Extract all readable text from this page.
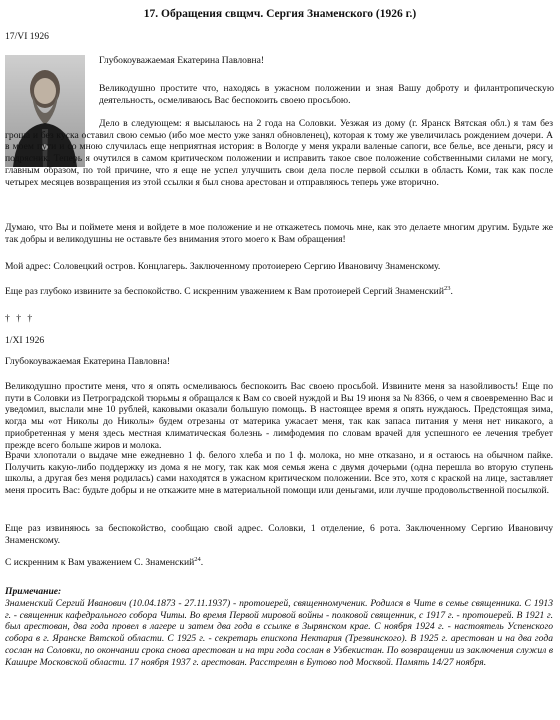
17. Обращения свщмч. Сергия Знаменского (1926 г.)

17/VI 1926

Глубокоуважаемая Екатерина Павловна!

Великодушно простите что, находясь в ужасном положении и зная Вашу доброту и филантропическую деятельность, осмеливаюсь Вас беспокоить своею просьбою.

Дело в следующем: я высылаюсь на 2 года на Соловки. Уезжая из дому (г. Яранск Вятская обл.) я там без гроша и без куска оставил свою семью (ибо мое место уже занял обновленец), которая к тому же увеличилась рождением дочери. А в моем пути и со мною случилась еще неприятная история: в Вологде у меня украли валеные сапоги, все белье, все деньги, рясу и подрясник. Теперь я очутился в самом критическом положении и исправить такое свое положение собственными силами не могу, главным образом, по той причине, что я еще не успел улучшить свои дела после первой ссылки в область Коми, так как после четырех месяцев возвращения из этой ссылки я был снова арестован и отправляюсь теперь уже вторично.

Думаю, что Вы и поймете меня и войдете в мое положение и не откажетесь помочь мне, как это делаете многим другим. Будьте же так добры и великодушны не оставьте без внимания этого моего к Вам обращения!

Мой адрес: Соловецкий остров. Концлагерь. Заключенному протоиерею Сергию Ивановичу Знаменскому.

Еще раз глубоко извините за беспокойство. С искренним уважением к Вам протоиерей Сергий Знаменский$^{23}$.

† † †

1/XI 1926

Глубокоуважаемая Екатерина Павловна!

Великодушно простите меня, что я опять осмеливаюсь беспокоить Вас своею просьбой. Извините меня за назойливость! Еще по пути в Соловки из Петроградской тюрьмы я обращался к Вам со своей нуждой и Вы 19 июня за № 8366, о чем я своевременно Вас и уведомил, выслали мне 10 рублей, каковыми оказали большую помощь. В настоящее время я опять нуждаюсь. Предстоящая зима, когда мы «от Николы до Николы» будем отрезаны от материка ужасает меня, так как запаса питания у меня нет никакого, а приобретенная у меня здесь местная климатическая болезнь - лимфодемия по словам врачей для успешного ее лечения требует прежде всего больше жиров и молока.

Врачи хлопотали о выдаче мне ежедневно 1 ф. белого хлеба и по 1 ф. молока, но мне отказано, и я остаюсь на обычном пайке. Получить какую-либо поддержку из дома я не могу, так как моя семья жена с двумя дочерьми (одна перешла во вторую ступень школы, а другая без меня родилась) сами находятся в ужасном критическом положении. Все это, хотя с краской на лице, заставляет меня просить Вас: будьте добры и не откажите мне в материальной помощи или деньгами, или лучше продовольственной посылкой.

Еще раз извиняюсь за беспокойство, сообщаю свой адрес. Соловки, 1 отделение, 6 рота. Заключенному Сергию Ивановичу Знаменскому.

С искренним к Вам уважением С. Знаменский$^{24}$.

Примечание:

Знаменский Сергий Иванович (10.04.1873 - 27.11.1937) - протоиерей, священномученик. Родился в Чите в семье священника. С 1913 г. - священник кафедрального собора Читы. Во время Первой мировой войны - полковой священник, с 1917 г. - протоиерей. В 1921 г. был арестован, два года провел в лагере и затем два года в ссылке в Зырянском крае. С ноября 1924 г. - настоятель Успенского собора в г. Яранске Вятской области. С 1925 г. - секретарь епископа Нектария (Трезвинского). В 1925 г. арестован и на два года сослан на Соловки, по окончании срока снова арестован и на три года сослан в Узбекистан. По возвращении из заключения служил в Кашире Московской области. 17 ноября 1937 г. арестован. Расстрелян в Бутово под Москвой. Память 14/27 ноября.
